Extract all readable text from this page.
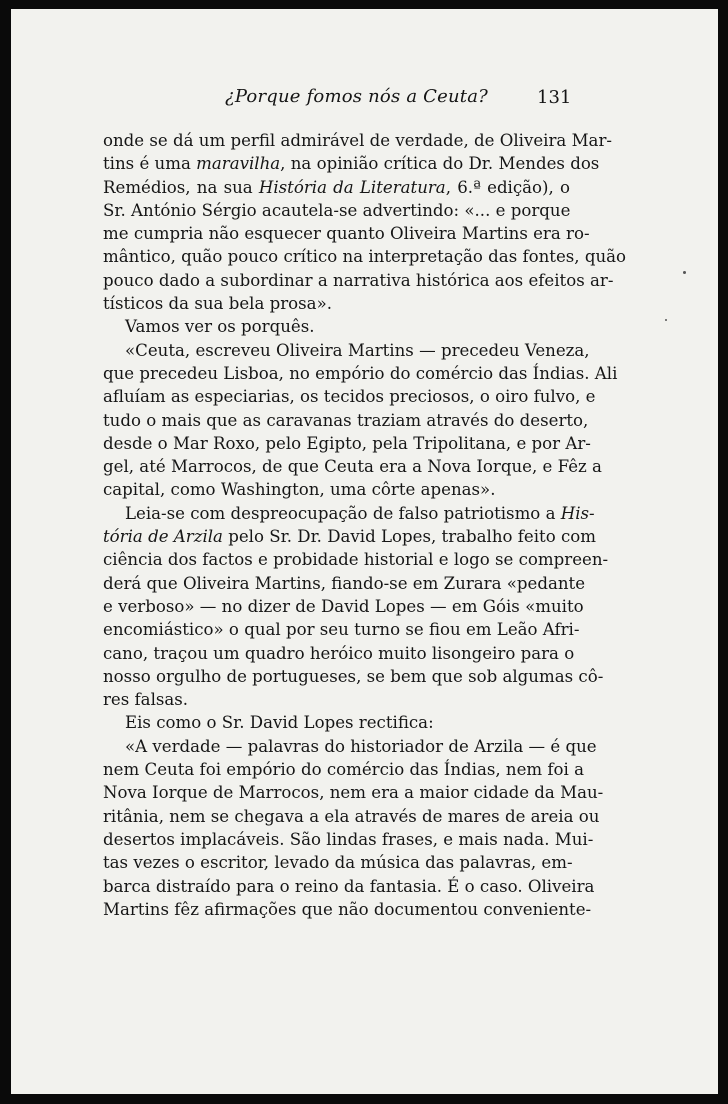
¿Porque fomos nós a Ceuta?	131
onde se dá um perfil admirável de verdade, de Oliveira Mar-
tins é uma maravilha, na opinião crítica do Dr. Mendes dos
Remédios, na sua História da Literatura, 6.ª edição), o
Sr. António Sérgio acautela-se advertindo: «... e porque
me cumpria não esquecer quanto Oliveira Martins era ro-
mântico, quão pouco crítico na interpretação das fontes, quão
pouco dado a subordinar a narrativa histórica aos efeitos ar-
tísticos da sua bela prosa».
Vamos ver os porquês.
«Ceuta, escreveu Oliveira Martins — precedeu Veneza,
que precedeu Lisboa, no empório do comércio das Índias. Ali
afluíam as especiarias, os tecidos preciosos, o oiro fulvo, e
tudo o mais que as caravanas traziam através do deserto,
desde o Mar Roxo, pelo Egipto, pela Tripolitana, e por Ar-
gel, até Marrocos, de que Ceuta era a Nova Iorque, e Fêz a
capital, como Washington, uma côrte apenas».
Leia-se com despreocupação de falso patriotismo a His-
tória de Arzila pelo Sr. Dr. David Lopes, trabalho feito com
ciência dos factos e probidade historial e logo se compreen-
derá que Oliveira Martins, fiando-se em Zurara «pedante
e verboso» — no dizer de David Lopes — em Góis «muito
encomiástico» o qual por seu turno se fiou em Leão Afri-
cano, traçou um quadro heróico muito lisongeiro para o
nosso orgulho de portugueses, se bem que sob algumas cô-
res falsas.
Eis como o Sr. David Lopes rectifica:
«A verdade — palavras do historiador de Arzila — é que
nem Ceuta foi empório do comércio das Índias, nem foi a
Nova Iorque de Marrocos, nem era a maior cidade da Mau-
ritânia, nem se chegava a ela através de mares de areia ou
desertos implacáveis. São lindas frases, e mais nada. Mui-
tas vezes o escritor, levado da música das palavras, em-
barca distraído para o reino da fantasia. É o caso. Oliveira
Martins fêz afirmações que não documentou conveniente-
